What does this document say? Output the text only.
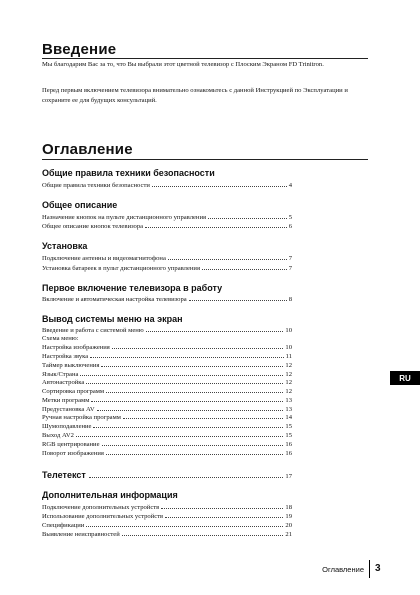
Введение

Мы благодарим Вас за то, что Вы выбрали этот цветной телевизор с Плоским Экраном FD Trinitron.

Перед первым включением телевизора внимательно ознакомьтесь с данной Инструкцией по Эксплуатации и сохраните ее для будущих консультаций.

Оглавление
Общие правила техники безопасности
Общие правила техники безопасности	4
Общее описание
Назначение кнопок на пульте дистанционного управления	5
Общее описание кнопок телевизора	6
Установка
Подключение антенны и видеомагнитофона	7
Установка батареек в пульт дистанционного управления	7
Первое включение телевизора в работу
Включение и автоматическая настройка телевизора	8
Вывод системы меню на экран
Введение и работа с системой меню	10
Схема меню:
Настройка изображения	10
Настройка звука	11
Таймер выключения	12
Язык/Страна	12
Автонастройка	12
Сортировка программ	12
Метки программ	13
Предустановка AV	13
Ручная настройка программ	14
Шумоподавление	15
Выход AV2	15
RGB центрирование	16
Поворот изображения	16
Телетекст	17
Дополнительная информация
Подключение дополнительных устройств	18
Использование дополнительных устройств	19
Спецификации	20
Выявление неисправностей	21
RU
Оглавление 3
